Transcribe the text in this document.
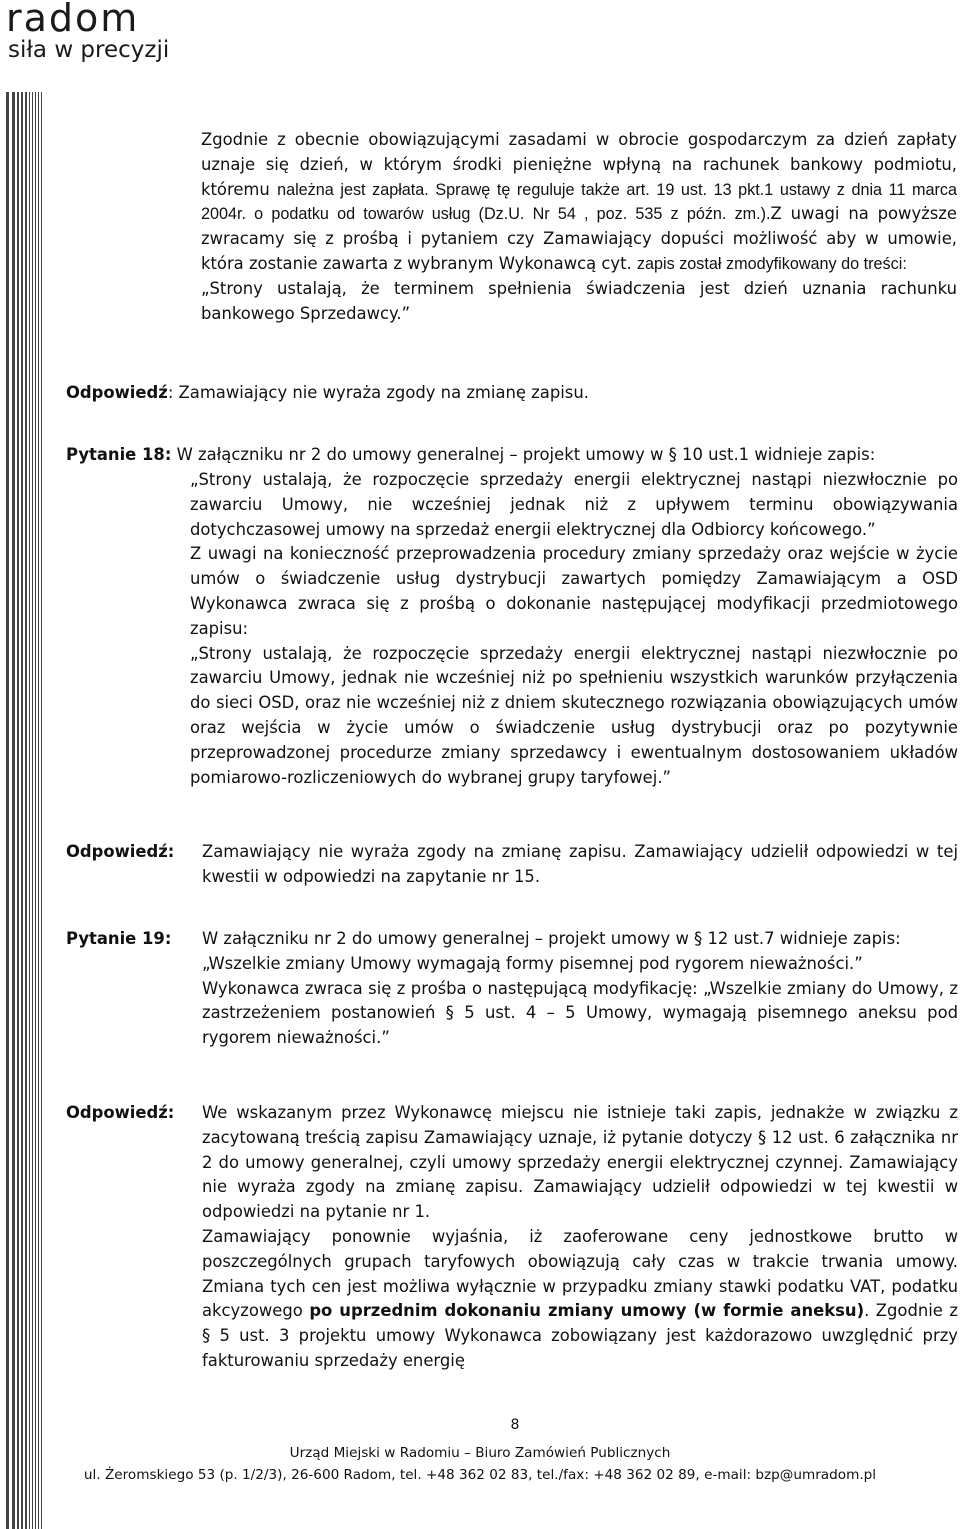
radom
siła w precyzji

Zgodnie z obecnie obowiązującymi zasadami w obrocie gospodarczym za dzień zapłaty uznaje się dzień, w którym środki pieniężne wpłyną na rachunek bankowy podmiotu, któremu należna jest zapłata. Sprawę tę reguluje także art. 19 ust. 13 pkt.1 ustawy z dnia 11 marca 2004r. o podatku od towarów usług (Dz.U. Nr 54 , poz. 535 z późn. zm.).Z uwagi na powyższe zwracamy się z prośbą i pytaniem czy Zamawiający dopuści możliwość aby w umowie, która zostanie zawarta z wybranym Wykonawcą cyt. zapis został zmodyfikowany do treści:

„Strony ustalają, że terminem spełnienia świadczenia jest dzień uznania rachunku bankowego Sprzedawcy.”

Odpowiedź: Zamawiający nie wyraża zgody na zmianę zapisu.
Pytanie 18: W załączniku nr 2 do umowy generalnej – projekt umowy w § 10 ust.1 widnieje zapis:

„Strony ustalają, że rozpoczęcie sprzedaży energii elektrycznej nastąpi niezwłocznie po zawarciu Umowy, nie wcześniej jednak niż z upływem terminu obowiązywania dotychczasowej umowy na sprzedaż energii elektrycznej dla Odbiorcy końcowego.”

Z uwagi na konieczność przeprowadzenia procedury zmiany sprzedaży oraz wejście w życie umów o świadczenie usług dystrybucji zawartych pomiędzy Zamawiającym a OSD Wykonawca zwraca się z prośbą o dokonanie następującej modyfikacji przedmiotowego zapisu:

„Strony ustalają, że rozpoczęcie sprzedaży energii elektrycznej nastąpi niezwłocznie po zawarciu Umowy, jednak nie wcześniej niż po spełnieniu wszystkich warunków przyłączenia do sieci OSD, oraz nie wcześniej niż z dniem skutecznego rozwiązania obowiązujących umów oraz wejścia w życie umów o świadczenie usług dystrybucji oraz po pozytywnie przeprowadzonej procedurze zmiany sprzedawcy i ewentualnym dostosowaniem układów pomiarowo-rozliczeniowych do wybranej grupy taryfowej.”

Odpowiedź: Zamawiający nie wyraża zgody na zmianę zapisu. Zamawiający udzielił odpowiedzi w tej kwestii w odpowiedzi na zapytanie nr 15.
Pytanie 19: W załączniku nr 2 do umowy generalnej – projekt umowy w § 12 ust.7 widnieje zapis:

„Wszelkie zmiany Umowy wymagają formy pisemnej pod rygorem nieważności.”

Wykonawca zwraca się z prośba o następującą modyfikację: „Wszelkie zmiany do Umowy, z zastrzeżeniem postanowień § 5 ust. 4 – 5 Umowy, wymagają pisemnego aneksu pod rygorem nieważności.”

Odpowiedź: We wskazanym przez Wykonawcę miejscu nie istnieje taki zapis, jednakże w związku z zacytowaną treścią zapisu Zamawiający uznaje, iż pytanie dotyczy § 12 ust. 6 załącznika nr 2 do umowy generalnej, czyli umowy sprzedaży energii elektrycznej czynnej. Zamawiający nie wyraża zgody na zmianę zapisu. Zamawiający udzielił odpowiedzi w tej kwestii w odpowiedzi na pytanie nr 1.

Zamawiający ponownie wyjaśnia, iż zaoferowane ceny jednostkowe brutto w poszczególnych grupach taryfowych obowiązują cały czas w trakcie trwania umowy. Zmiana tych cen jest możliwa wyłącznie w przypadku zmiany stawki podatku VAT, podatku akcyzowego po uprzednim dokonaniu zmiany umowy (w formie aneksu). Zgodnie z § 5 ust. 3 projektu umowy Wykonawca zobowiązany jest każdorazowo uwzględnić przy fakturowaniu sprzedaży energię

8
Urząd Miejski w Radomiu – Biuro Zamówień Publicznych
ul. Żeromskiego 53 (p. 1/2/3), 26-600 Radom, tel. +48 362 02 83, tel./fax: +48 362 02 89, e-mail: bzp@umradom.pl
